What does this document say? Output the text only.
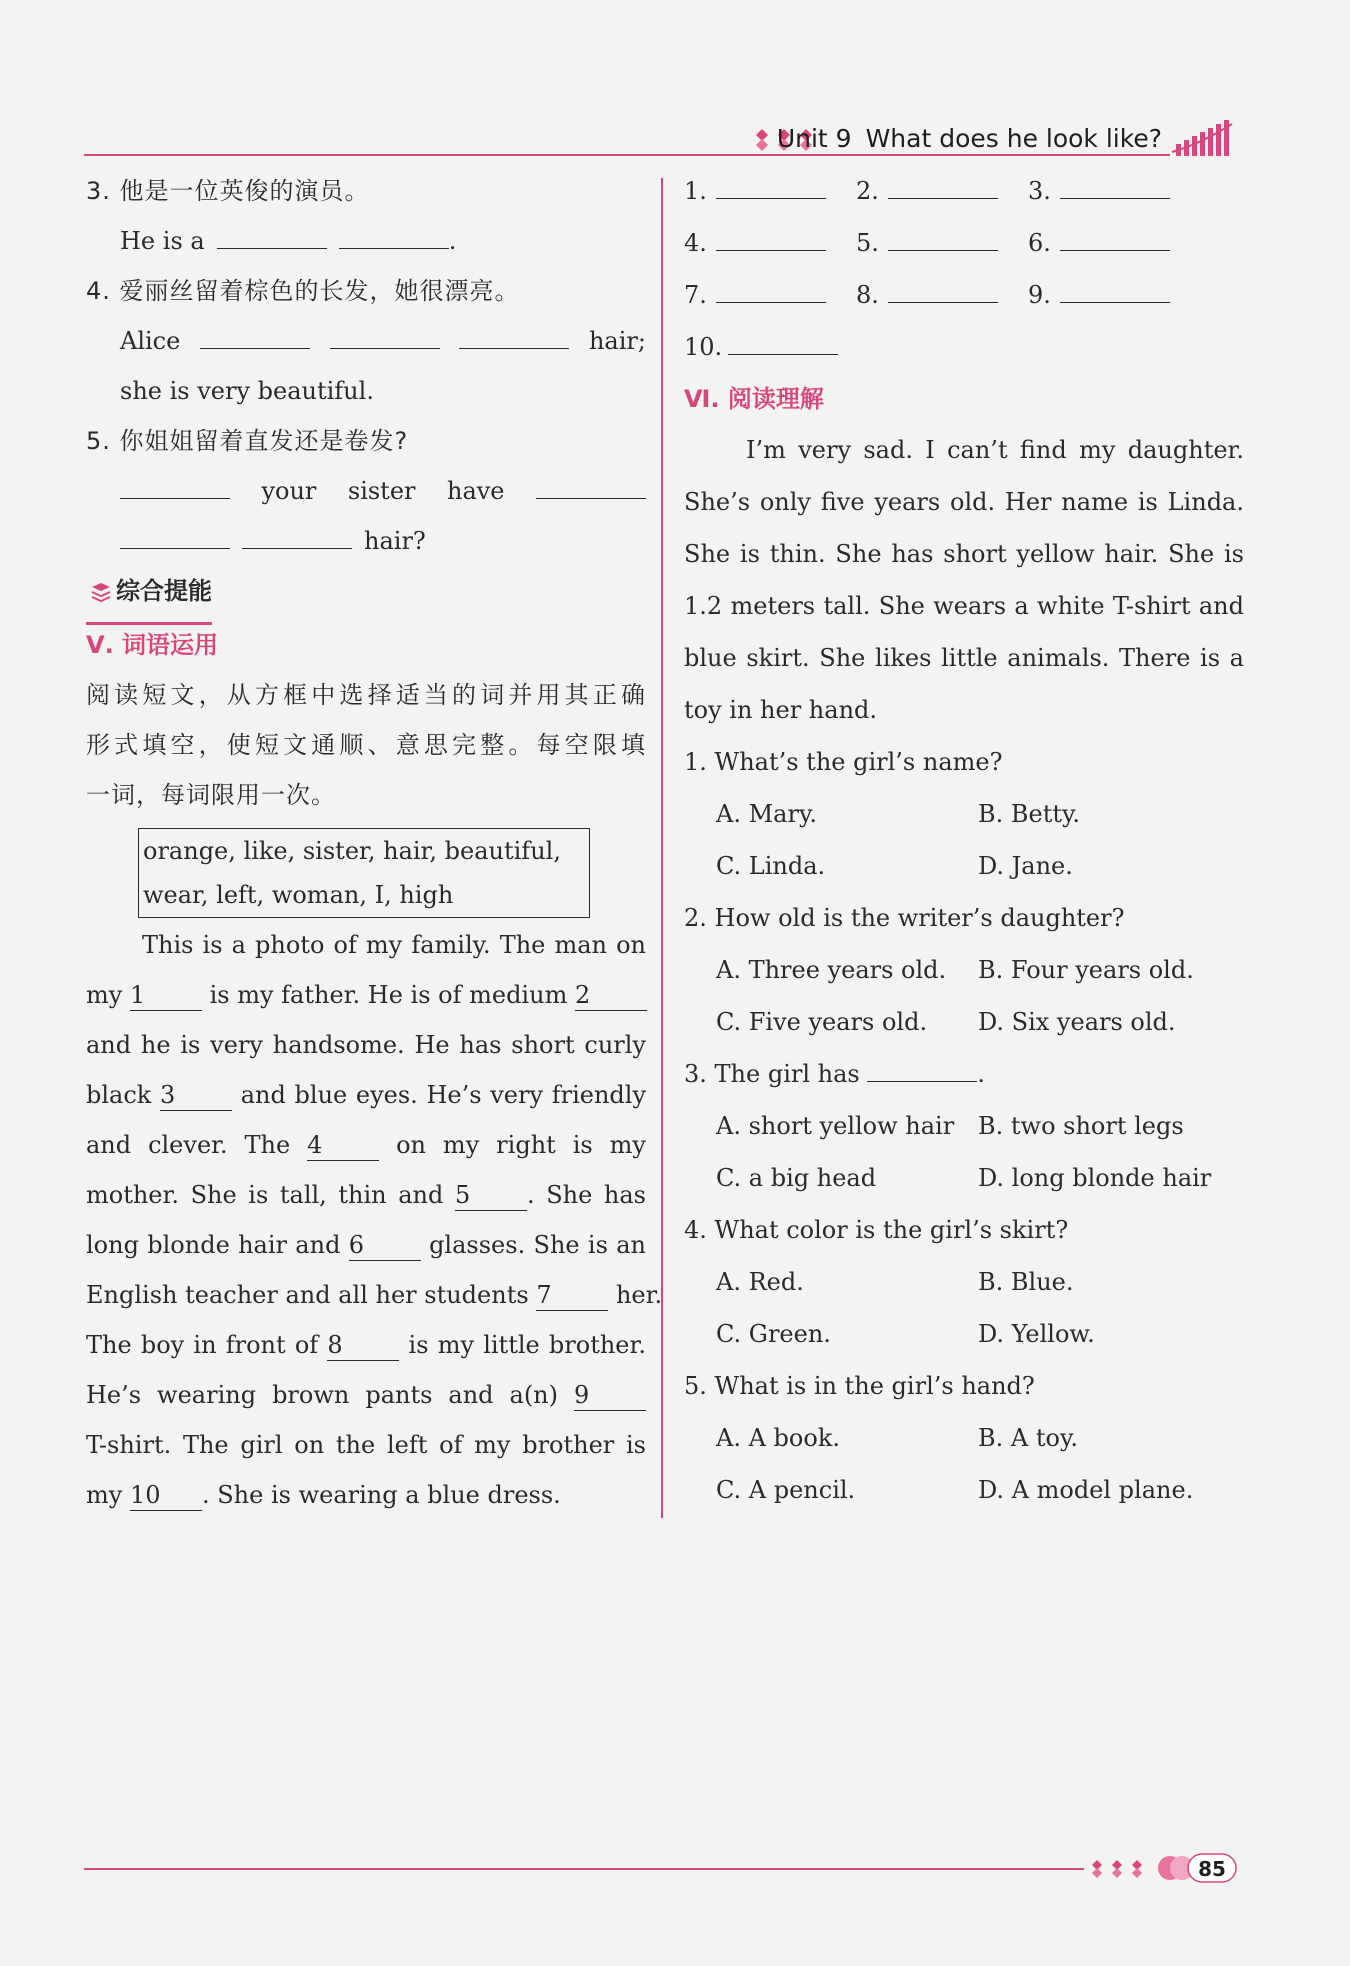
Unit 9 What does he look like?
3. 他是一位英俊的演员。
He is a	.
4. 爱丽丝留着棕色的长发，她很漂亮。
Alice	hair;
she is very beautiful.
5. 你姐姐留着直发还是卷发?
your sister have
hair?
综合提能
Ⅴ. 词语运用
阅读短文，从方框中选择适当的词并用其正确
形式填空，使短文通顺、意思完整。每空限填
一词，每词限用一次。
orange, like, sister, hair, beautiful,
wear, left, woman, I, high

This is a photo of my family. The man on

my 1	is my father. He is of medium 2

and he is very handsome. He has short curly

black 3	and blue eyes. He’s very friendly

and clever. The 4	on my right is my

mother. She is tall, thin and 5 . She has

long blonde hair and 6	glasses. She is an

English teacher and all her students 7	her.

The boy in front of 8	is my little brother.

He’s wearing brown pants and a(n) 9

T-shirt. The girl on the left of my brother is

my 10 . She is wearing a blue dress.

1.	2.	3.
4.	5.	6.
7.	8.	9.
10.
Ⅵ. 阅读理解

I’m very sad. I can’t find my daughter.

She’s only five years old. Her name is Linda.

She is thin. She has short yellow hair. She is

1.2 meters tall. She wears a white T-shirt and

blue skirt. She likes little animals. There is a

toy in her hand.

1. What’s the girl’s name?
A. Mary.	B. Betty.
C. Linda.	D. Jane.
2. How old is the writer’s daughter?
A. Three years old.	B. Four years old.
C. Five years old.	D. Six years old.
3. The girl has	.
A. short yellow hair B. two short legs
C. a big head	D. long blonde hair
4. What color is the girl’s skirt?
A. Red.	B. Blue.
C. Green.	D. Yellow.
5. What is in the girl’s hand?
A. A book.	B. A toy.
C. A pencil.	D. A model plane.
85
